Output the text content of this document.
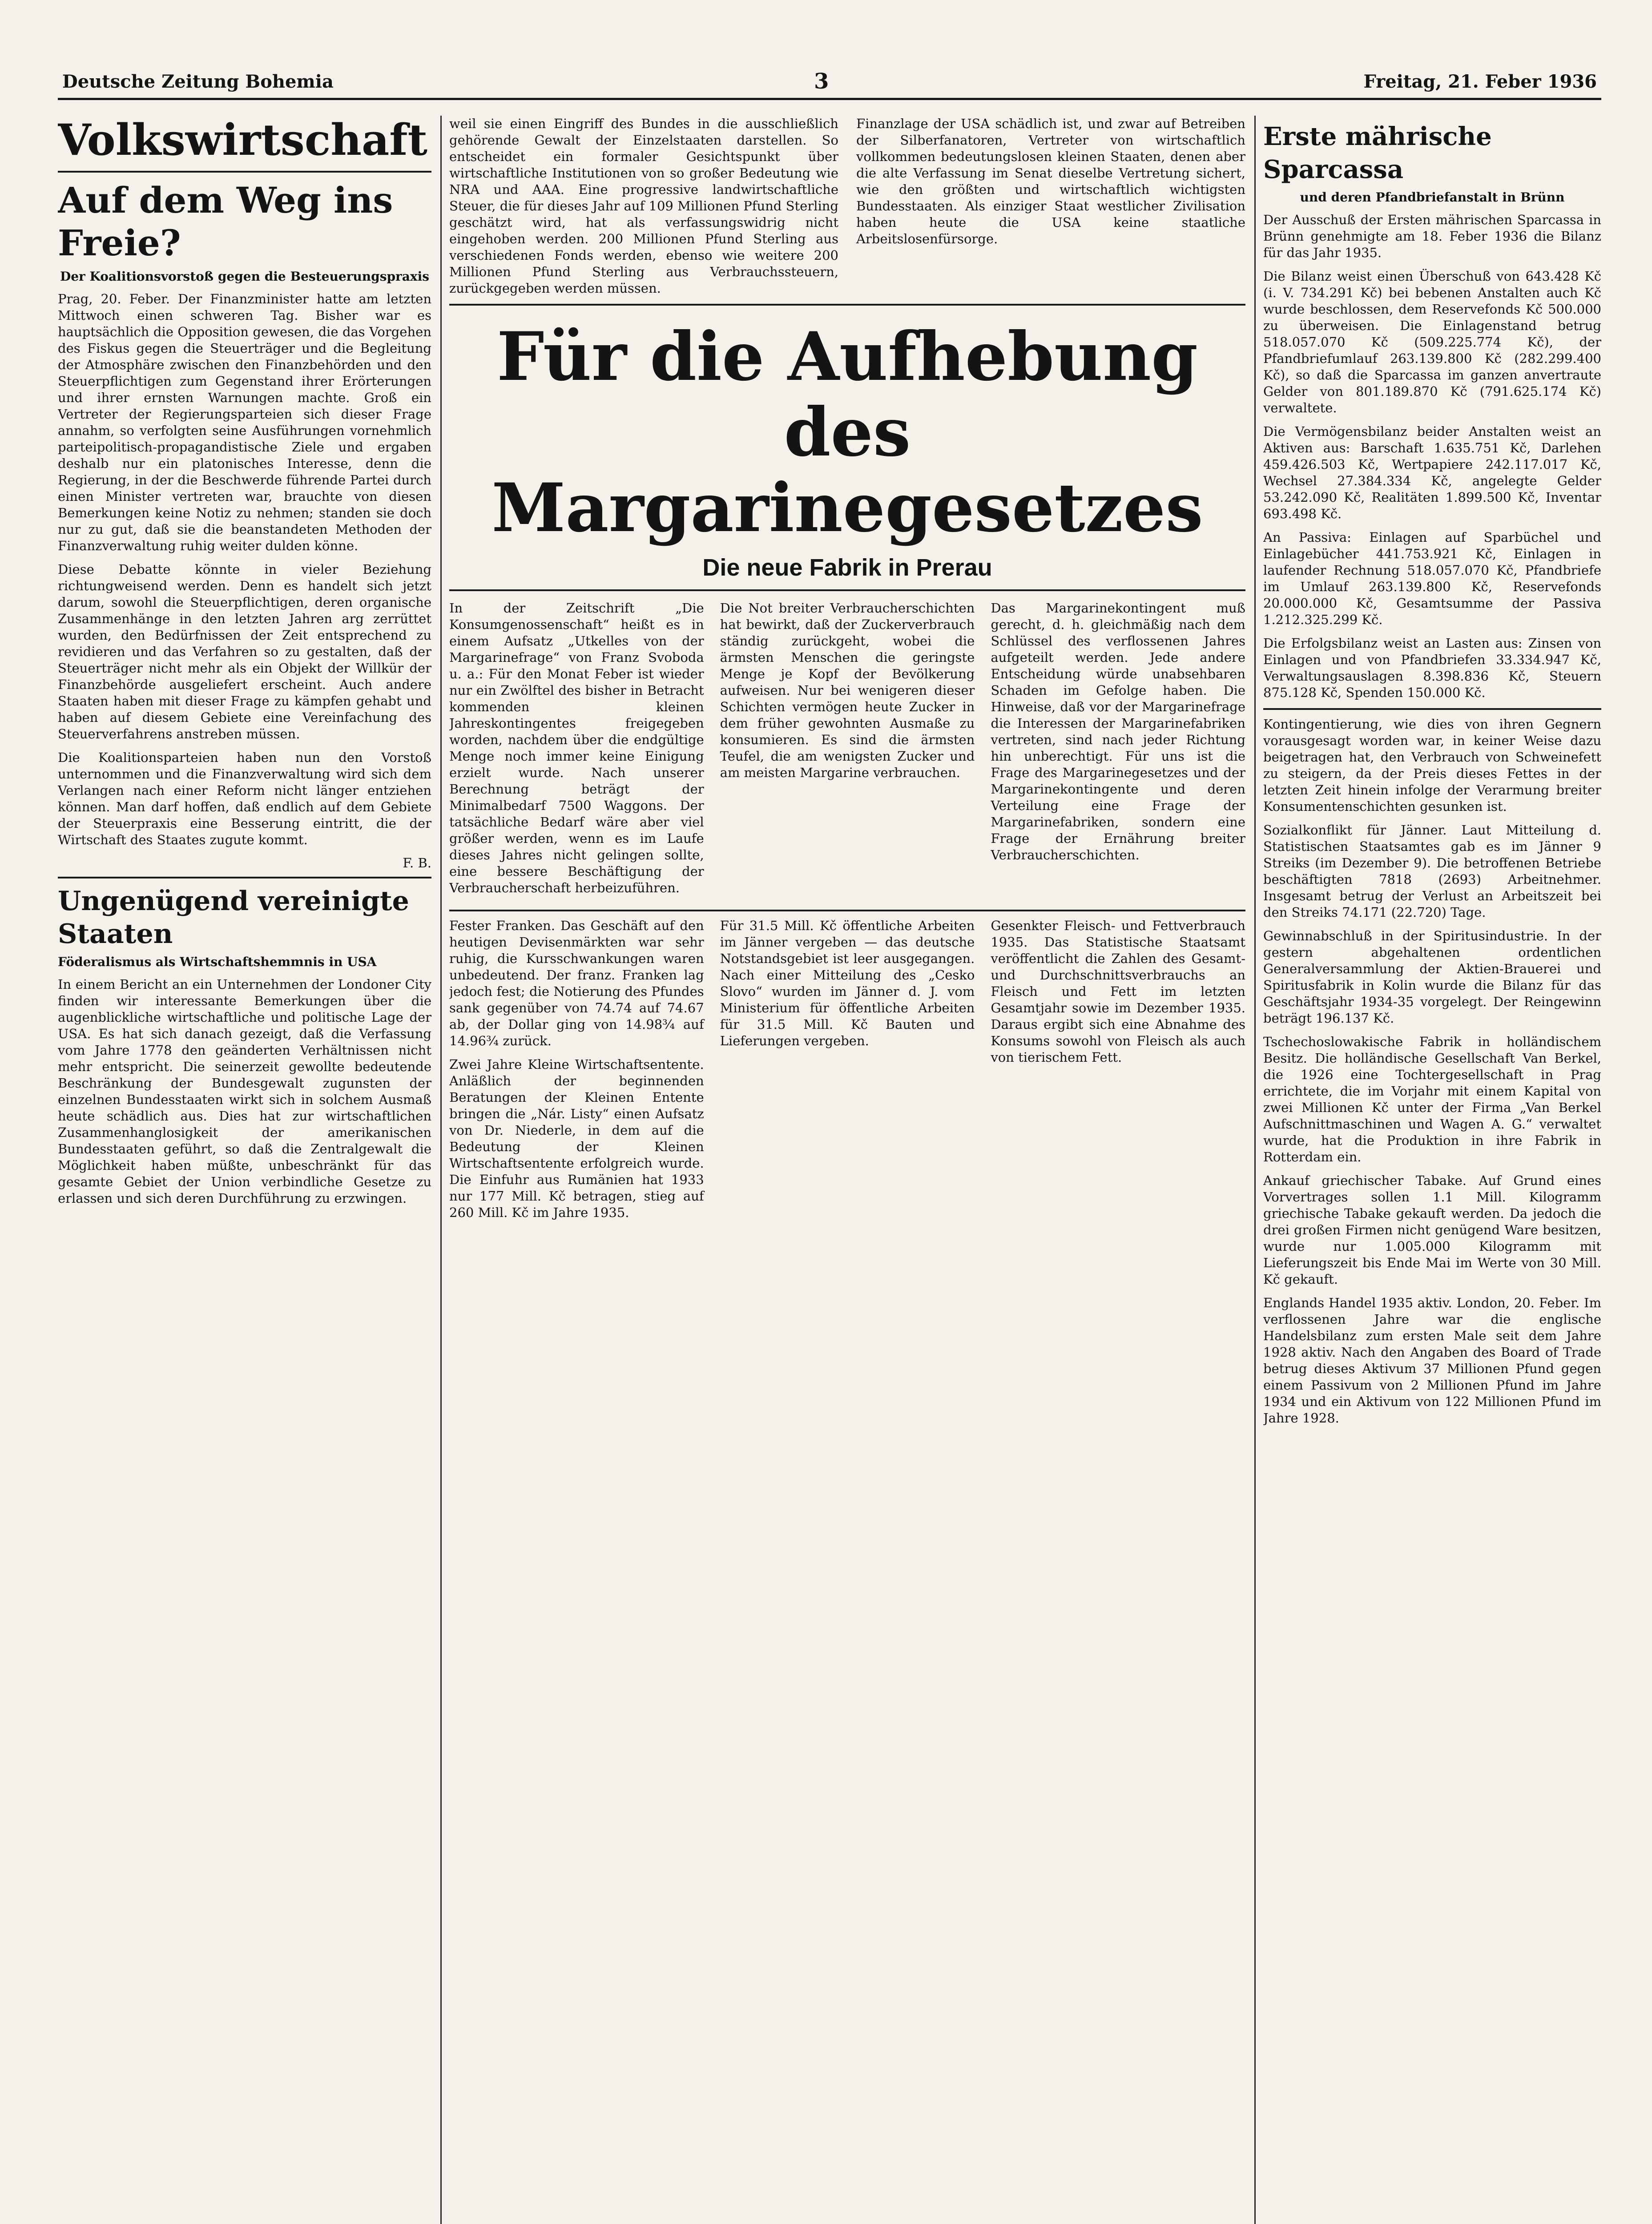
Deutsche Zeitung Bohemia	3	Freitag, 21. Feber 1936
Volkswirtschaft
Auf dem Weg ins Freie?
Der Koalitionsvorstoß gegen die Besteuerungspraxis

Prag, 20. Feber. Der Finanzminister hatte am letzten Mittwoch einen schweren Tag. Bisher war es hauptsächlich die Opposition gewesen, die das Vorgehen des Fiskus gegen die Steuerträger und die Begleitung der Atmosphäre zwischen den Finanzbehörden und den Steuerpflichtigen zum Gegenstand ihrer Erörterungen und ihrer ernsten Warnungen machte. Groß ein Vertreter der Regierungsparteien sich dieser Frage annahm, so verfolgten seine Ausführungen vornehmlich parteipolitisch-propagandistische Ziele und ergaben deshalb nur ein platonisches Interesse, denn die Regierung, in der die Beschwerde führende Partei durch einen Minister vertreten war, brauchte von diesen Bemerkungen keine Notiz zu nehmen; standen sie doch nur zu gut, daß sie die beanstandeten Methoden der Finanzverwaltung ruhig weiter dulden könne.

Diese Debatte könnte in vieler Beziehung richtungweisend werden. Denn es handelt sich jetzt darum, sowohl die Steuerpflichtigen, deren organische Zusammenhänge in den letzten Jahren arg zerrüttet wurden, den Bedürfnissen der Zeit entsprechend zu revidieren und das Verfahren so zu gestalten, daß der Steuerträger nicht mehr als ein Objekt der Willkür der Finanzbehörde ausgeliefert erscheint. Auch andere Staaten haben mit dieser Frage zu kämpfen gehabt und haben auf diesem Gebiete eine Vereinfachung des Steuerverfahrens anstreben müssen.

Die Koalitionsparteien haben nun den Vorstoß unternommen und die Finanzverwaltung wird sich dem Verlangen nach einer Reform nicht länger entziehen können. Man darf hoffen, daß endlich auf dem Gebiete der Steuerpraxis eine Besserung eintritt, die der Wirtschaft des Staates zugute kommt.

F. B.
Ungenügend vereinigte Staaten
Föderalismus als Wirtschaftshemmnis in USA

In einem Bericht an ein Unternehmen der Londoner City finden wir interessante Bemerkungen über die augenblickliche wirtschaftliche und politische Lage der USA. Es hat sich danach gezeigt, daß die Verfassung vom Jahre 1778 den geänderten Verhältnissen nicht mehr entspricht. Die seinerzeit gewollte bedeutende Beschränkung der Bundesgewalt zugunsten der einzelnen Bundesstaaten wirkt sich in solchem Ausmaß heute schädlich aus. Dies hat zur wirtschaftlichen Zusammenhanglosigkeit der amerikanischen Bundesstaaten geführt, so daß die Zentralgewalt die Möglichkeit haben müßte, unbeschränkt für das gesamte Gebiet der Union verbindliche Gesetze zu erlassen und sich deren Durchführung zu erzwingen.

weil sie einen Eingriff des Bundes in die ausschließlich gehörende Gewalt der Einzelstaaten darstellen. So entscheidet ein formaler Gesichtspunkt über wirtschaftliche Institutionen von so großer Bedeutung wie NRA und AAA. Eine progressive landwirtschaftliche Steuer, die für dieses Jahr auf 109 Millionen Pfund Sterling geschätzt wird, hat als verfassungswidrig nicht eingehoben werden. 200 Millionen Pfund Sterling aus verschiedenen Fonds werden, ebenso wie weitere 200 Millionen Pfund Sterling aus Verbrauchssteuern, zurückgegeben werden müssen.

Finanzlage der USA schädlich ist, und zwar auf Betreiben der Silberfanatoren, Vertreter von wirtschaftlich vollkommen bedeutungslosen kleinen Staaten, denen aber die alte Verfassung im Senat dieselbe Vertretung sichert, wie den größten und wirtschaftlich wichtigsten Bundesstaaten. Als einziger Staat westlicher Zivilisation haben heute die USA keine staatliche Arbeitslosenfürsorge.

Für die Aufhebung des Margarinegesetzes
Die neue Fabrik in Prerau

In der Zeitschrift „Die Konsumgenossenschaft“ heißt es in einem Aufsatz „Utkelles von der Margarinefrage“ von Franz Svoboda u. a.: Für den Monat Feber ist wieder nur ein Zwölftel des bisher in Betracht kommenden kleinen Jahreskontingentes freigegeben worden, nachdem über die endgültige Menge noch immer keine Einigung erzielt wurde. Nach unserer Berechnung beträgt der Minimalbedarf 7500 Waggons. Der tatsächliche Bedarf wäre aber viel größer werden, wenn es im Laufe dieses Jahres nicht gelingen sollte, eine bessere Beschäftigung der Verbraucherschaft herbeizuführen.

Die Not breiter Verbraucherschichten hat bewirkt, daß der Zuckerverbrauch ständig zurückgeht, wobei die ärmsten Menschen die geringste Menge je Kopf der Bevölkerung aufweisen. Nur bei wenigeren dieser Schichten vermögen heute Zucker in dem früher gewohnten Ausmaße zu konsumieren. Es sind die ärmsten Teufel, die am wenigsten Zucker und am meisten Margarine verbrauchen.

Das Margarinekontingent muß gerecht, d. h. gleichmäßig nach dem Schlüssel des verflossenen Jahres aufgeteilt werden. Jede andere Entscheidung würde unabsehbaren Schaden im Gefolge haben. Die Hinweise, daß vor der Margarinefrage die Interessen der Margarinefabriken vertreten, sind nach jeder Richtung hin unberechtigt. Für uns ist die Frage des Margarinegesetzes und der Margarinekontingente und deren Verteilung eine Frage der Margarinefabriken, sondern eine Frage der Ernährung breiter Verbraucherschichten.

Fester Franken. Das Geschäft auf den heutigen Devisenmärkten war sehr ruhig, die Kursschwankungen waren unbedeutend. Der franz. Franken lag jedoch fest; die Notierung des Pfundes sank gegenüber von 74.74 auf 74.67 ab, der Dollar ging von 14.98¾ auf 14.96¾ zurück.

Zwei Jahre Kleine Wirtschaftsentente. Anläßlich der beginnenden Beratungen der Kleinen Entente bringen die „Nár. Listy“ einen Aufsatz von Dr. Niederle, in dem auf die Bedeutung der Kleinen Wirtschaftsentente erfolgreich wurde. Die Einfuhr aus Rumänien hat 1933 nur 177 Mill. Kč betragen, stieg auf 260 Mill. Kč im Jahre 1935.

Für 31.5 Mill. Kč öffentliche Arbeiten im Jänner vergeben — das deutsche Notstandsgebiet ist leer ausgegangen. Nach einer Mitteilung des „Cesko Slovo“ wurden im Jänner d. J. vom Ministerium für öffentliche Arbeiten für 31.5 Mill. Kč Bauten und Lieferungen vergeben.

Gesenkter Fleisch- und Fettverbrauch 1935. Das Statistische Staatsamt veröffentlicht die Zahlen des Gesamt- und Durchschnittsverbrauchs an Fleisch und Fett im letzten Gesamtjahr sowie im Dezember 1935. Daraus ergibt sich eine Abnahme des Konsums sowohl von Fleisch als auch von tierischem Fett.

Erste mährische Sparcassa
und deren Pfandbriefanstalt in Brünn

Der Ausschuß der Ersten mährischen Sparcassa in Brünn genehmigte am 18. Feber 1936 die Bilanz für das Jahr 1935.

Die Bilanz weist einen Überschuß von 643.428 Kč (i. V. 734.291 Kč) bei bebenen Anstalten auch Kč wurde beschlossen, dem Reservefonds Kč 500.000 zu überweisen. Die Einlagenstand betrug 518.057.070 Kč (509.225.774 Kč), der Pfandbriefumlauf 263.139.800 Kč (282.299.400 Kč), so daß die Sparcassa im ganzen anvertraute Gelder von 801.189.870 Kč (791.625.174 Kč) verwaltete.

Die Vermögensbilanz beider Anstalten weist an Aktiven aus: Barschaft 1.635.751 Kč, Darlehen 459.426.503 Kč, Wertpapiere 242.117.017 Kč, Wechsel 27.384.334 Kč, angelegte Gelder 53.242.090 Kč, Realitäten 1.899.500 Kč, Inventar 693.498 Kč.

An Passiva: Einlagen auf Sparbüchel und Einlagebücher 441.753.921 Kč, Einlagen in laufender Rechnung 518.057.070 Kč, Pfandbriefe im Umlauf 263.139.800 Kč, Reservefonds 20.000.000 Kč, Gesamtsumme der Passiva 1.212.325.299 Kč.

Die Erfolgsbilanz weist an Lasten aus: Zinsen von Einlagen und von Pfandbriefen 33.334.947 Kč, Verwaltungsauslagen 8.398.836 Kč, Steuern 875.128 Kč, Spenden 150.000 Kč.

Kontingentierung, wie dies von ihren Gegnern vorausgesagt worden war, in keiner Weise dazu beigetragen hat, den Verbrauch von Schweinefett zu steigern, da der Preis dieses Fettes in der letzten Zeit hinein infolge der Verarmung breiter Konsumentenschichten gesunken ist.

Sozialkonflikt für Jänner. Laut Mitteilung d. Statistischen Staatsamtes gab es im Jänner 9 Streiks (im Dezember 9). Die betroffenen Betriebe beschäftigten 7818 (2693) Arbeitnehmer. Insgesamt betrug der Verlust an Arbeitszeit bei den Streiks 74.171 (22.720) Tage.

Gewinnabschluß in der Spiritusindustrie. In der gestern abgehaltenen ordentlichen Generalversammlung der Aktien-Brauerei und Spiritusfabrik in Kolin wurde die Bilanz für das Geschäftsjahr 1934-35 vorgelegt. Der Reingewinn beträgt 196.137 Kč.

Tschechoslowakische Fabrik in holländischem Besitz. Die holländische Gesellschaft Van Berkel, die 1926 eine Tochtergesellschaft in Prag errichtete, die im Vorjahr mit einem Kapital von zwei Millionen Kč unter der Firma „Van Berkel Aufschnittmaschinen und Wagen A. G.“ verwaltet wurde, hat die Produktion in ihre Fabrik in Rotterdam ein.

Ankauf griechischer Tabake. Auf Grund eines Vorvertrages sollen 1.1 Mill. Kilogramm griechische Tabake gekauft werden. Da jedoch die drei großen Firmen nicht genügend Ware besitzen, wurde nur 1.005.000 Kilogramm mit Lieferungszeit bis Ende Mai im Werte von 30 Mill. Kč gekauft.

Englands Handel 1935 aktiv. London, 20. Feber. Im verflossenen Jahre war die englische Handelsbilanz zum ersten Male seit dem Jahre 1928 aktiv. Nach den Angaben des Board of Trade betrug dieses Aktivum 37 Millionen Pfund gegen einem Passivum von 2 Millionen Pfund im Jahre 1934 und ein Aktivum von 122 Millionen Pfund im Jahre 1928.
